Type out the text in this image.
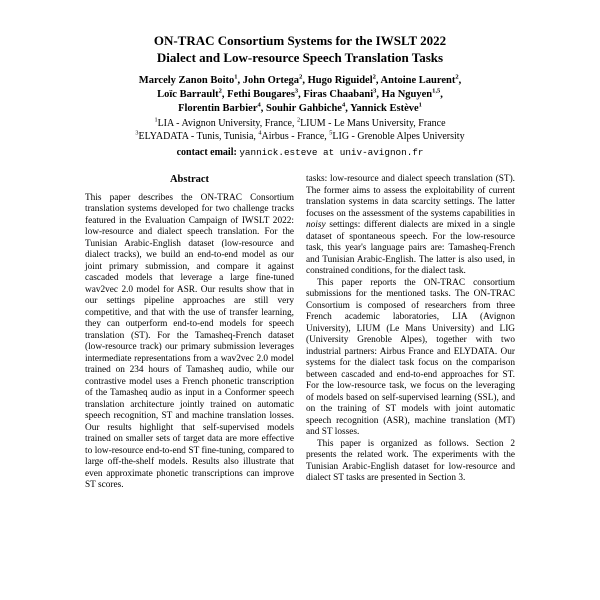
ON-TRAC Consortium Systems for the IWSLT 2022
Dialect and Low-resource Speech Translation Tasks
Marcely Zanon Boito$^1$, John Ortega$^2$, Hugo Riguidel$^2$, Antoine Laurent$^2$,
Loïc Barrault$^2$, Fethi Bougares$^3$, Firas Chaabani$^3$, Ha Nguyen$^{1,5}$,
Florentin Barbier$^4$, Souhir Gahbiche$^4$, Yannick Estève$^1$
$^1$LIA - Avignon University, France, $^2$LIUM - Le Mans University, France
$^3$ELYADATA - Tunis, Tunisia, $^4$Airbus - France, $^5$LIG - Grenoble Alpes University
contact email: yannick.esteve at univ-avignon.fr
Abstract

This paper describes the ON-TRAC Consortium translation systems developed for two challenge tracks featured in the Evaluation Campaign of IWSLT 2022: low-resource and dialect speech translation. For the Tunisian Arabic-English dataset (low-resource and dialect tracks), we build an end-to-end model as our joint primary submission, and compare it against cascaded models that leverage a large fine-tuned wav2vec 2.0 model for ASR. Our results show that in our settings pipeline approaches are still very competitive, and that with the use of transfer learning, they can outperform end-to-end models for speech translation (ST). For the Tamasheq-French dataset (low-resource track) our primary submission leverages intermediate representations from a wav2vec 2.0 model trained on 234 hours of Tamasheq audio, while our contrastive model uses a French phonetic transcription of the Tamasheq audio as input in a Conformer speech translation architecture jointly trained on automatic speech recognition, ST and machine translation losses. Our results highlight that self-supervised models trained on smaller sets of target data are more effective to low-resource end-to-end ST fine-tuning, compared to large off-the-shelf models. Results also illustrate that even approximate phonetic transcriptions can improve ST scores.

tasks: low-resource and dialect speech translation (ST). The former aims to assess the exploitability of current translation systems in data scarcity settings. The latter focuses on the assessment of the systems capabilities in noisy settings: different dialects are mixed in a single dataset of spontaneous speech. For the low-resource task, this year's language pairs are: Tamasheq-French and Tunisian Arabic-English. The latter is also used, in constrained conditions, for the dialect task.

This paper reports the ON-TRAC consortium submissions for the mentioned tasks. The ON-TRAC Consortium is composed of researchers from three French academic laboratories, LIA (Avignon University), LIUM (Le Mans University) and LIG (University Grenoble Alpes), together with two industrial partners: Airbus France and ELYDATA. Our systems for the dialect task focus on the comparison between cascaded and end-to-end approaches for ST. For the low-resource task, we focus on the leveraging of models based on self-supervised learning (SSL), and on the training of ST models with joint automatic speech recognition (ASR), machine translation (MT) and ST losses.

This paper is organized as follows. Section 2 presents the related work. The experiments with the Tunisian Arabic-English dataset for low-resource and dialect ST tasks are presented in Section 3.
